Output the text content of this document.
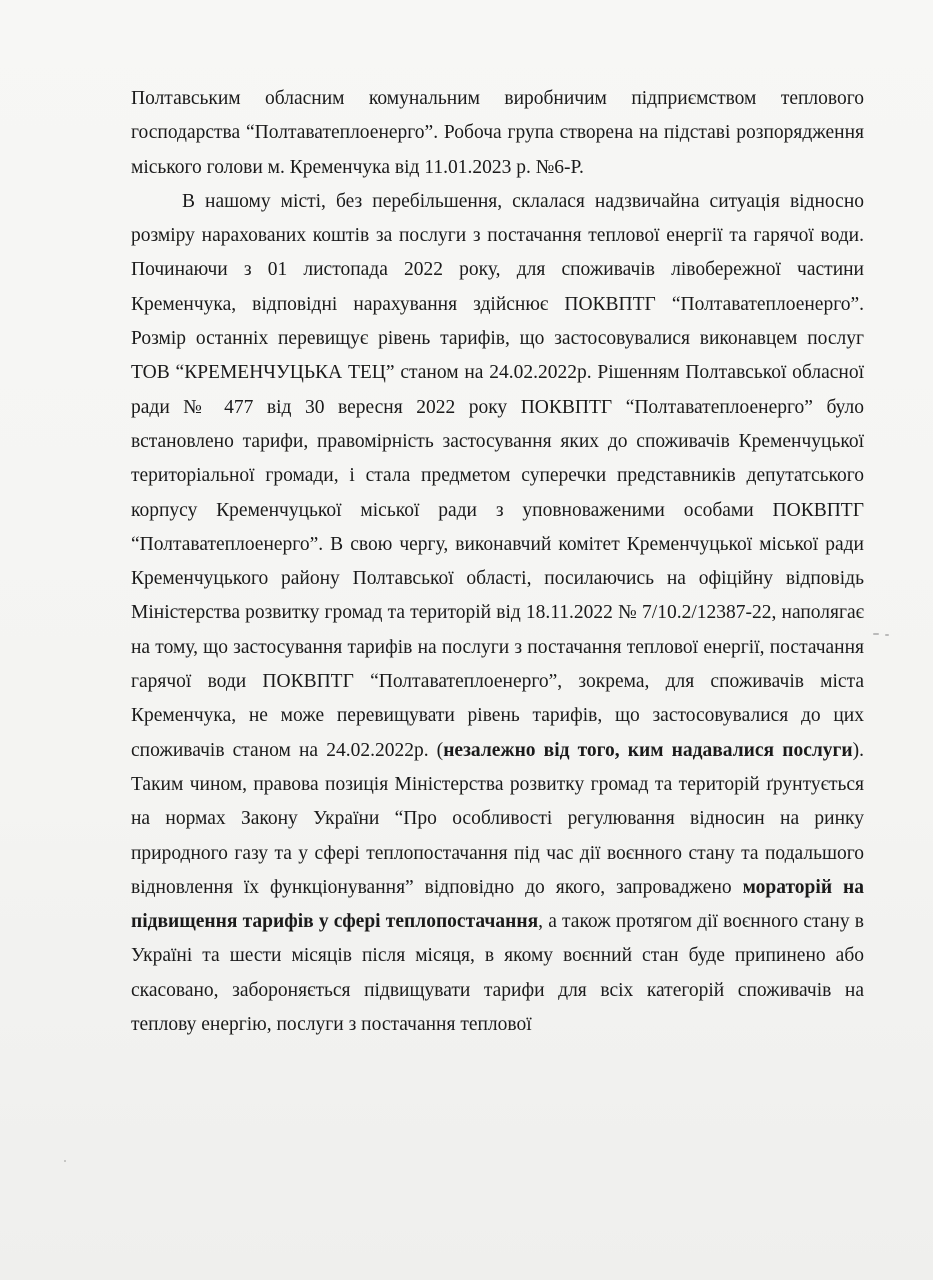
Полтавським обласним комунальним виробничим підприємством теплового господарства “Полтаватеплоенерго”. Робоча група створена на підставі розпорядження міського голови м. Кременчука від 11.01.2023 р. №6-Р.

В нашому місті, без перебільшення, склалася надзвичайна ситуація відносно розміру нарахованих коштів за послуги з постачання теплової енергії та гарячої води. Починаючи з 01 листопада 2022 року, для споживачів лівобережної частини Кременчука, відповідні нарахування здійснює ПОКВПТГ “Полтаватеплоенерго”. Розмір останніх перевищує рівень тарифів, що застосовувалися виконавцем послуг ТОВ “КРЕМЕНЧУЦЬКА ТЕЦ” станом на 24.02.2022р. Рішенням Полтавської обласної ради № 477 від 30 вересня 2022 року ПОКВПТГ “Полтаватеплоенерго” було встановлено тарифи, правомірність застосування яких до споживачів Кременчуцької територіальної громади, і стала предметом суперечки представників депутатського корпусу Кременчуцької міської ради з уповноваженими особами ПОКВПТГ “Полтаватеплоенерго”. В свою чергу, виконавчий комітет Кременчуцької міської ради Кременчуцького району Полтавської області, посилаючись на офіційну відповідь Міністерства розвитку громад та територій від 18.11.2022 № 7/10.2/12387-22, наполягає на тому, що застосування тарифів на послуги з постачання теплової енергії, постачання гарячої води ПОКВПТГ “Полтаватеплоенерго”, зокрема, для споживачів міста Кременчука, не може перевищувати рівень тарифів, що застосовувалися до цих споживачів станом на 24.02.2022р. (незалежно від того, ким надавалися послуги). Таким чином, правова позиція Міністерства розвитку громад та територій ґрунтується на нормах Закону України “Про особливості регулювання відносин на ринку природного газу та у сфері теплопостачання під час дії воєнного стану та подальшого відновлення їх функціонування” відповідно до якого, запроваджено мораторій на підвищення тарифів у сфері теплопостачання, а також протягом дії воєнного стану в Україні та шести місяців після місяця, в якому воєнний стан буде припинено або скасовано, забороняється підвищувати тарифи для всіх категорій споживачів на теплову енергію, послуги з постачання теплової
